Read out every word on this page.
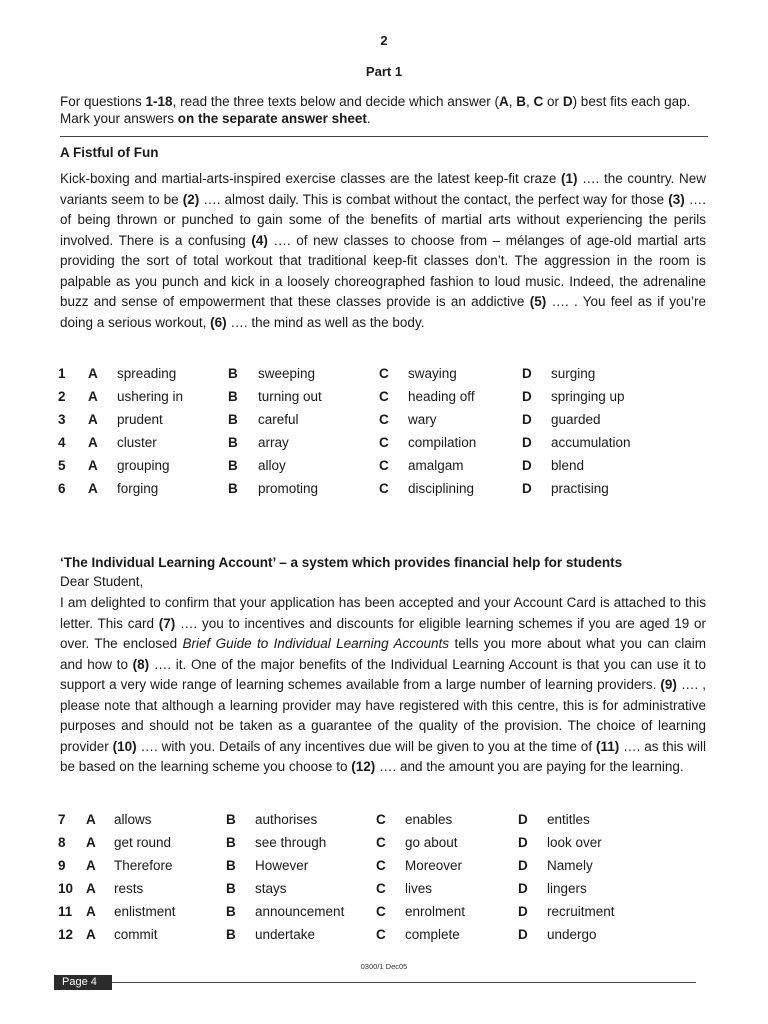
2
Part 1
For questions 1-18, read the three texts below and decide which answer (A, B, C or D) best fits each gap. Mark your answers on the separate answer sheet.
A Fistful of Fun

Kick-boxing and martial-arts-inspired exercise classes are the latest keep-fit craze (1) …. the country. New variants seem to be (2) …. almost daily. This is combat without the contact, the perfect way for those (3) …. of being thrown or punched to gain some of the benefits of martial arts without experiencing the perils involved. There is a confusing (4) …. of new classes to choose from – mélanges of age-old martial arts providing the sort of total workout that traditional keep-fit classes don’t. The aggression in the room is palpable as you punch and kick in a loosely choreographed fashion to loud music. Indeed, the adrenaline buzz and sense of empowerment that these classes provide is an addictive (5) …. . You feel as if you’re doing a serious workout, (6) …. the mind as well as the body.

1 A spreading	B sweeping	C swaying	D surging
2 A ushering in	B turning out	C heading off	D springing up
3 A prudent	B careful	C wary	D guarded
4 A cluster	B array	C compilation	D accumulation
5 A grouping	B alloy	C amalgam	D blend
6 A forging	B promoting	C disciplining	D practising
‘The Individual Learning Account’ – a system which provides financial help for students
Dear Student,

I am delighted to confirm that your application has been accepted and your Account Card is attached to this letter. This card (7) …. you to incentives and discounts for eligible learning schemes if you are aged 19 or over. The enclosed Brief Guide to Individual Learning Accounts tells you more about what you can claim and how to (8) …. it. One of the major benefits of the Individual Learning Account is that you can use it to support a very wide range of learning schemes available from a large number of learning providers. (9) …. , please note that although a learning provider may have registered with this centre, this is for administrative purposes and should not be taken as a guarantee of the quality of the provision. The choice of learning provider (10) …. with you. Details of any incentives due will be given to you at the time of (11) …. as this will be based on the learning scheme you choose to (12) …. and the amount you are paying for the learning.

7 A allows	B authorises	C enables	D entitles
8 A get round	B see through	C go about	D look over
9 A Therefore	B However	C Moreover	D Namely
10 A rests	B stays	C lives	D lingers
11 A enlistment	B announcement C enrolment	D recruitment
12 A commit	B undertake	C complete	D undergo
0300/1 Dec05
Page 4
